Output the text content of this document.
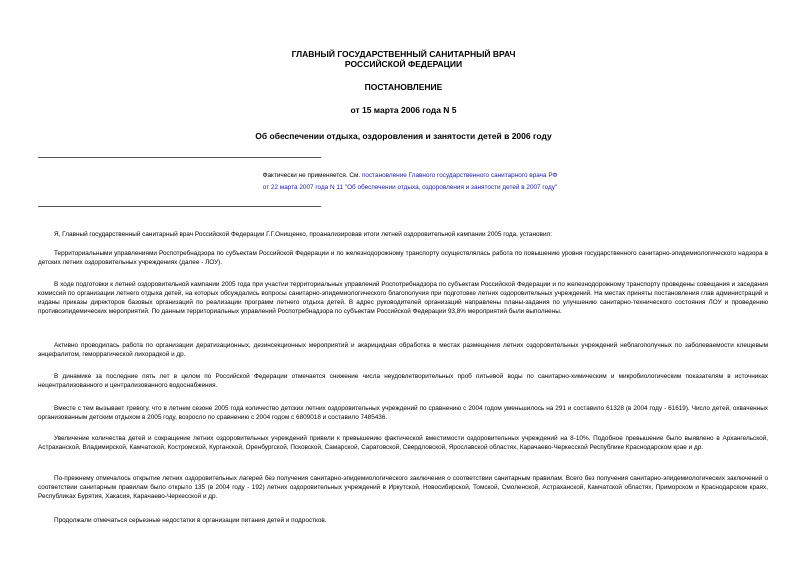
ГЛАВНЫЙ ГОСУДАРСТВЕННЫЙ САНИТАРНЫЙ ВРАЧ

РОССИЙСКОЙ ФЕДЕРАЦИИ

ПОСТАНОВЛЕНИЕ

от 15 марта 2006 года N 5

Об обеспечении отдыха, оздоровления и занятости детей в 2006 году

Фактически не применяется. См. постановление Главного государственного санитарного врача РФ от 22 марта 2007 года N 11 "Об обеспечении отдыха, оздоровления и занятости детей в 2007 году"

Я, Главный государственный санитарный врач Российской Федерации Г.Г.Онищенко, проанализировав итоги летней оздоровительной кампании 2005 года, установил:

Территориальными управлениями Роспотребнадзора по субъектам Российской Федерации и по железнодорожному транспорту осуществлялась работа по повышению уровня государственного санитарно-эпидемиологического надзора в детских летних оздоровительных учреждениях (далее - ЛОУ).

В ходе подготовки к летней оздоровительной кампании 2005 года при участии территориальных управлений Роспотребнадзора по субъектам Российской Федерации и по железнодорожному транспорту проведены совещания и заседания комиссий по организации летнего отдыха детей, на которых обсуждались вопросы санитарно-эпидемиологического благополучия при подготовке летних оздоровительных учреждений. На местах приняты постановления глав администраций и изданы приказы директоров базовых организаций по реализации программ летнего отдыха детей. В адрес руководителей организаций направлены планы-задания по улучшению санитарно-технического состояния ЛОУ и проведению противоэпидемических мероприятий. По данным территориальных управлений Роспотребнадзора по субъектам Российской Федерации 93,8% мероприятий были выполнены.

Активно проводилась работа по организации дератизационных, дезинсекционных мероприятий и акарицидная обработка в местах размещения летних оздоровительных учреждений неблагополучных по заболеваемости клещевым энцефалитом, геморрагической лихорадкой и др.

В динамике за последние пять лет в целом по Российской Федерации отмечается снижение числа неудовлетворительных проб питьевой воды по санитарно-химическим и микробиологическим показателям в источниках нецентрализованного и централизованного водоснабжения.

Вместе с тем вызывает тревогу, что в летнем сезоне 2005 года количество детских летних оздоровительных учреждений по сравнению с 2004 годом уменьшилось на 291 и составило 61328 (в 2004 году - 61619). Число детей, охваченных организованным детским отдыхом в 2005 году, возросло по сравнению с 2004 годом с 6809018 и составило 7485436.

Увеличение количества детей и сокращение летних оздоровительных учреждений привели к превышению фактической вместимости оздоровительных учреждений на 8-10%. Подобное превышение было выявлено в Архангельской, Астраханской, Владимирской, Камчатской, Костромской, Курганской, Оренбургской, Псковской, Самарской, Саратовской, Свердловской, Ярославской областях, Карачаево-Черкесской Республике Краснодарском крае и др.

По-прежнему отмечалось открытие летних оздоровительных лагерей без получения санитарно-эпидемиологического заключения о соответствии санитарным правилам. Всего без получения санитарно-эпидемиологических заключений о соответствии санитарным правилам было открыто 135 (в 2004 году - 192) летних оздоровительных учреждений в Иркутской, Новосибирской, Томской, Смоленской, Астраханской, Камчатской областях, Приморском и Краснодарском краях, Республиках Бурятия, Хакасия, Карачаево-Черкесской и др.

Продолжали отмечаться серьезные недостатки в организации питания детей и подростков.
